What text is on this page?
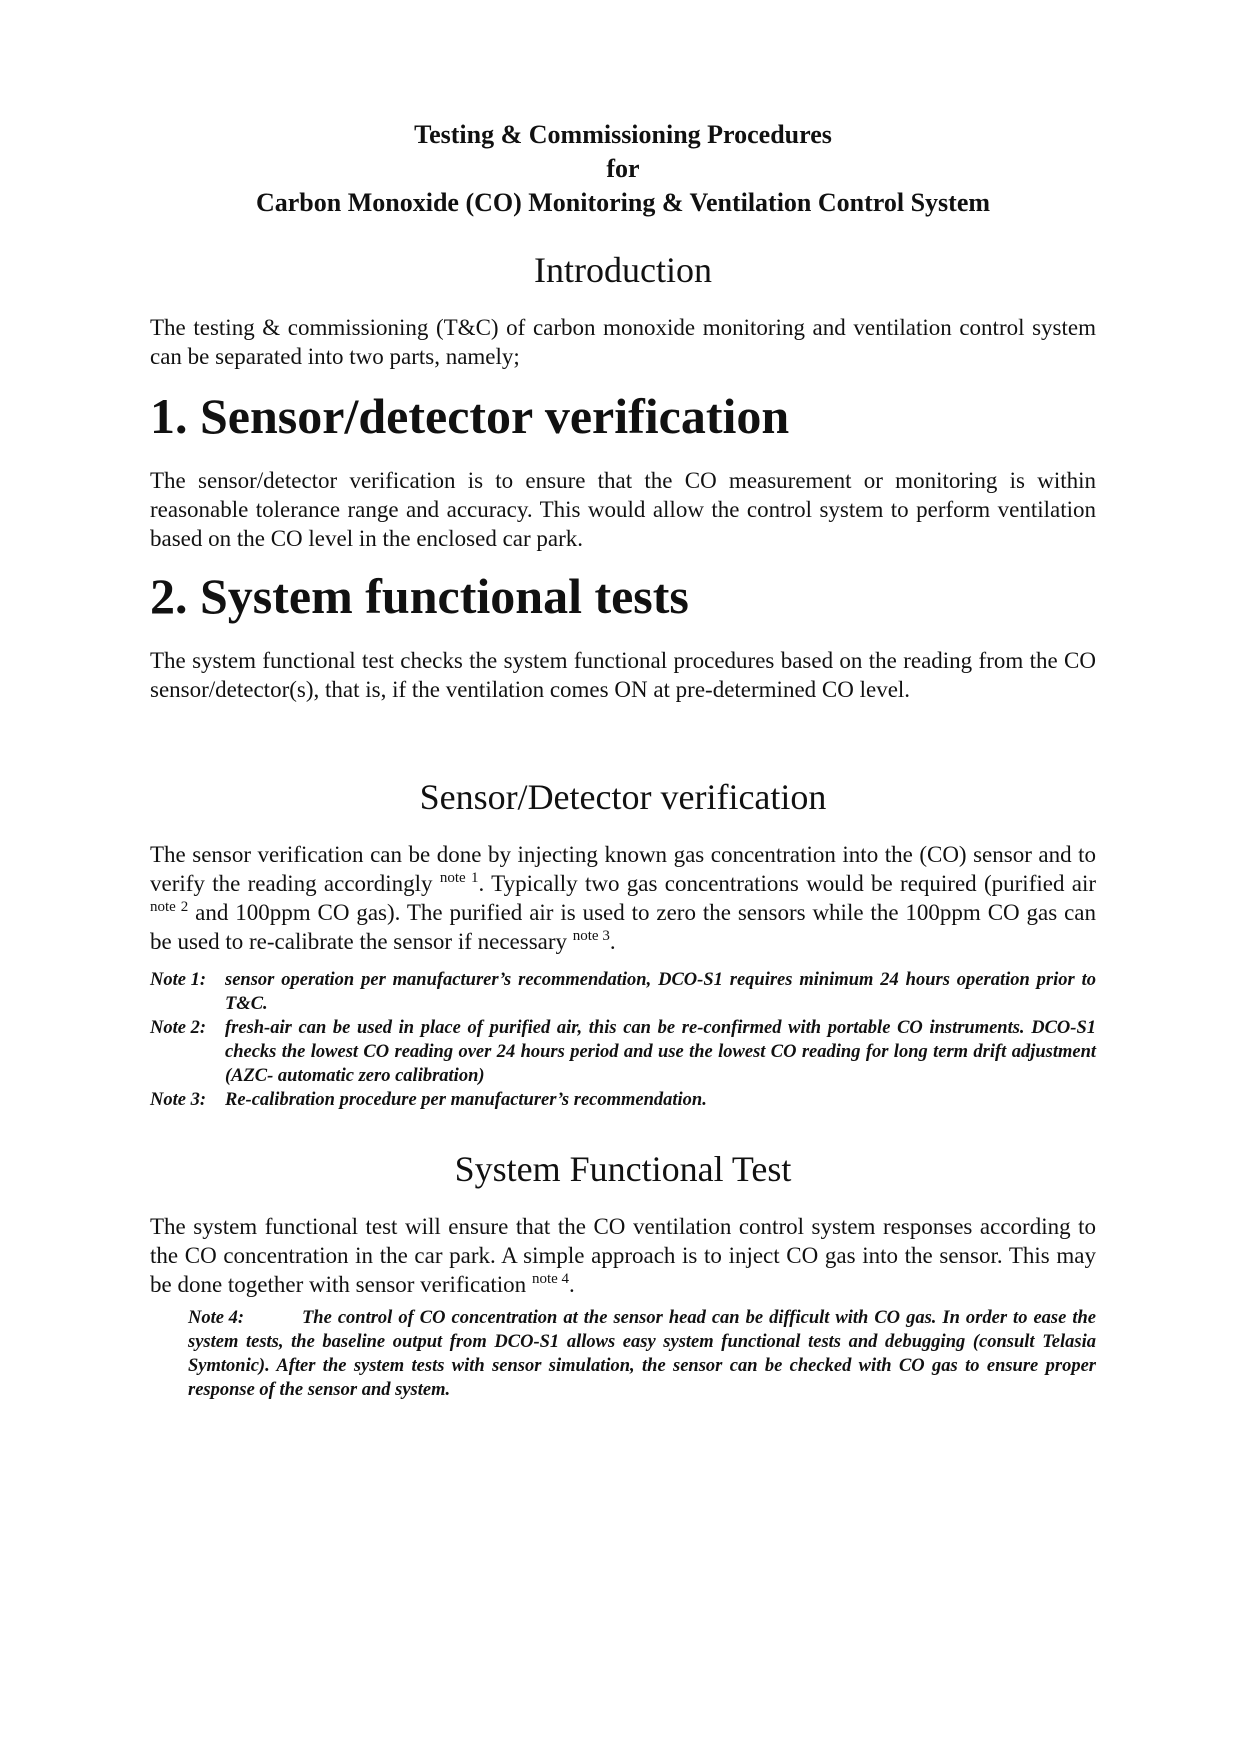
Testing & Commissioning Procedures
for
Carbon Monoxide (CO) Monitoring & Ventilation Control System
Introduction

The testing & commissioning (T&C) of carbon monoxide monitoring and ventilation control system can be separated into two parts, namely;

1. Sensor/detector verification

The sensor/detector verification is to ensure that the CO measurement or monitoring is within reasonable tolerance range and accuracy. This would allow the control system to perform ventilation based on the CO level in the enclosed car park.

2. System functional tests

The system functional test checks the system functional procedures based on the reading from the CO sensor/detector(s), that is, if the ventilation comes ON at pre-determined CO level.

Sensor/Detector verification

The sensor verification can be done by injecting known gas concentration into the (CO) sensor and to verify the reading accordingly $^{note 1}$. Typically two gas concentrations would be required (purified air $^{note 2}$ and 100ppm CO gas). The purified air is used to zero the sensors while the 100ppm CO gas can be used to re-calibrate the sensor if necessary $^{note 3}$.

Note 1:	sensor operation per manufacturer’s recommendation, DCO-S1 requires minimum 24 hours operation prior to T&C.
Note 2:	fresh-air can be used in place of purified air, this can be re-confirmed with portable CO instruments. DCO-S1 checks the lowest CO reading over 24 hours period and use the lowest CO reading for long term drift adjustment (AZC- automatic zero calibration)
Note 3:	Re-calibration procedure per manufacturer’s recommendation.
System Functional Test

The system functional test will ensure that the CO ventilation control system responses according to the CO concentration in the car park. A simple approach is to inject CO gas into the sensor. This may be done together with sensor verification $^{note 4}$.

Note 4:	The control of CO concentration at the sensor head can be difficult with CO gas. In order to ease the system tests, the baseline output from DCO-S1 allows easy system functional tests and debugging (consult Telasia Symtonic). After the system tests with sensor simulation, the sensor can be checked with CO gas to ensure proper response of the sensor and system.
